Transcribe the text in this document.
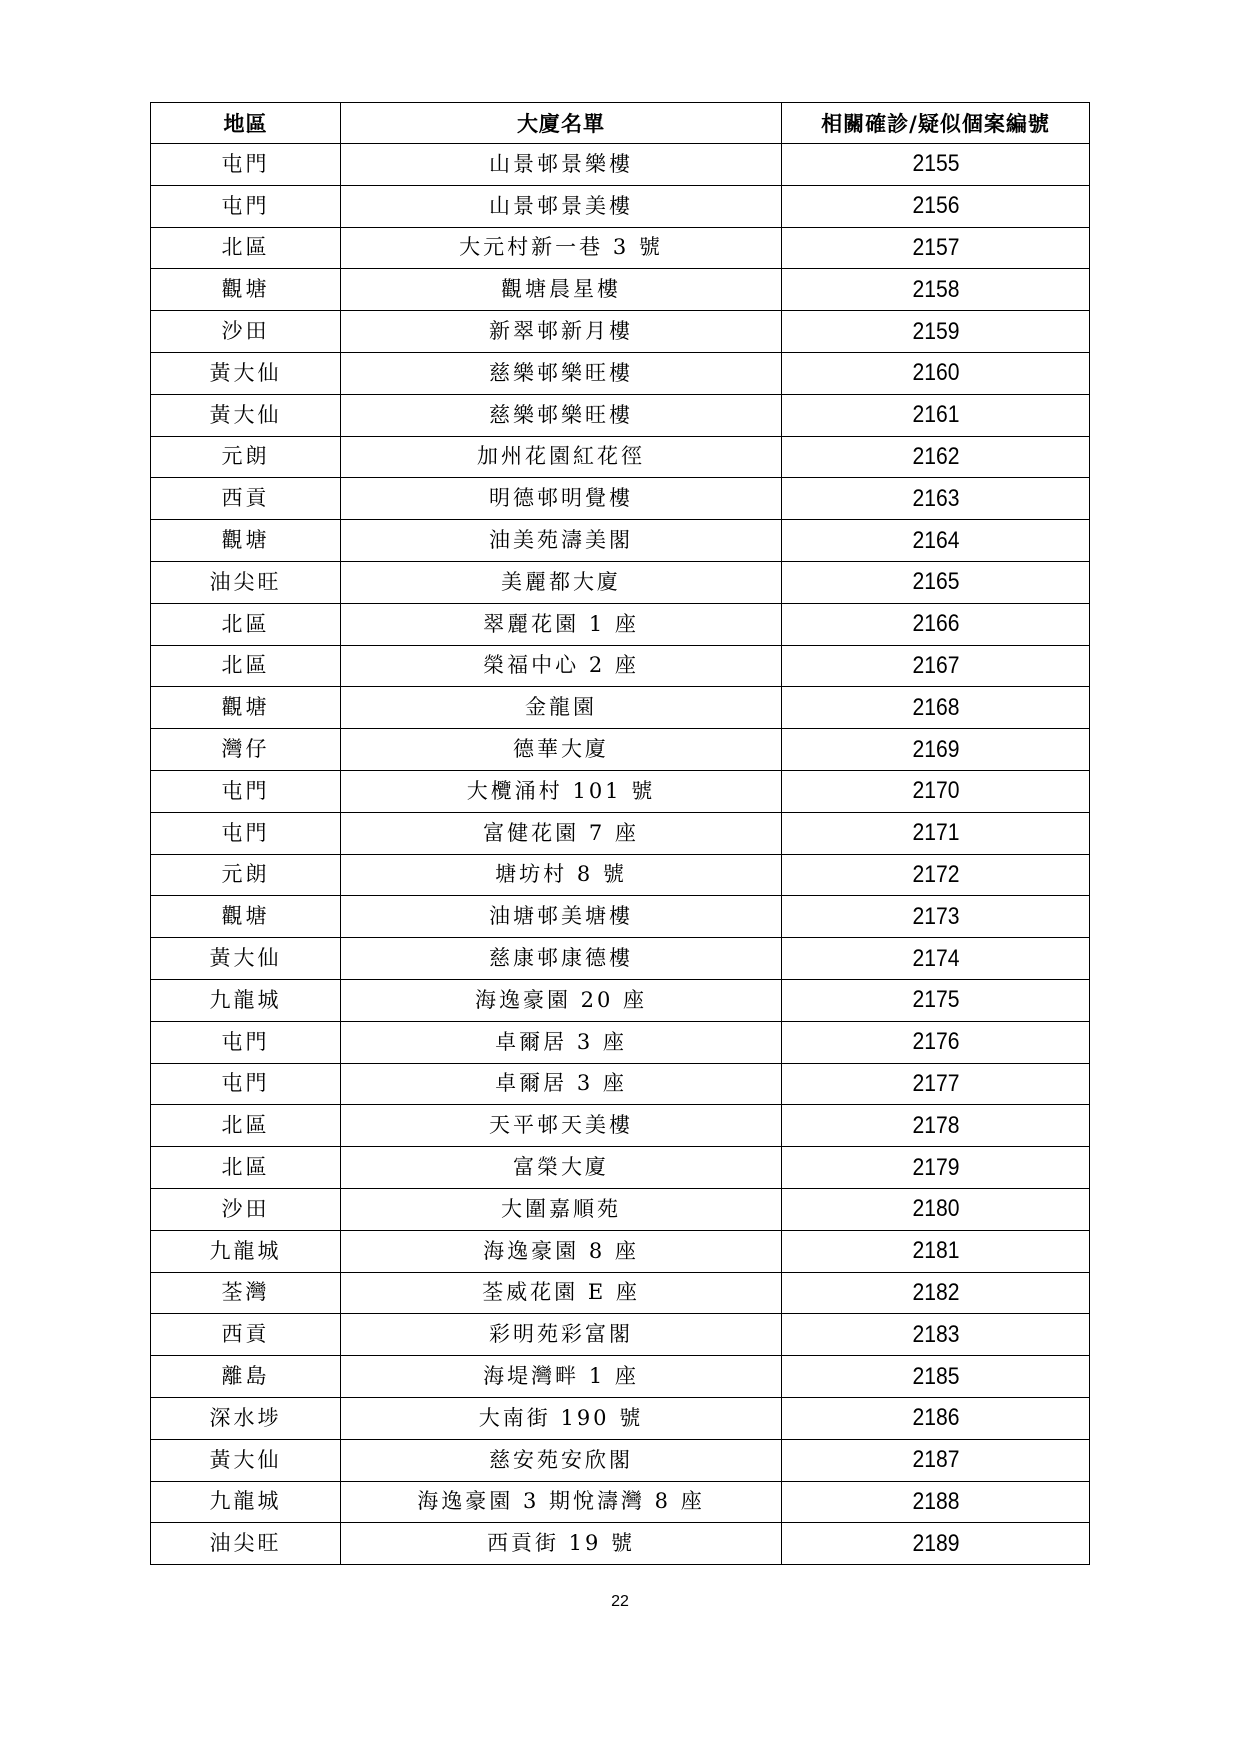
地區	大廈名單	相關確診/疑似個案編號
屯門	山景邨景樂樓	2155
屯門	山景邨景美樓	2156
北區	大元村新一巷 3 號	2157
觀塘	觀塘晨星樓	2158
沙田	新翠邨新月樓	2159
黃大仙	慈樂邨樂旺樓	2160
黃大仙	慈樂邨樂旺樓	2161
元朗	加州花園紅花徑	2162
西貢	明德邨明覺樓	2163
觀塘	油美苑濤美閣	2164
油尖旺	美麗都大廈	2165
北區	翠麗花園 1 座	2166
北區	榮福中心 2 座	2167
觀塘	金龍園	2168
灣仔	德華大廈	2169
屯門	大欖涌村 101 號	2170
屯門	富健花園 7 座	2171
元朗	塘坊村 8 號	2172
觀塘	油塘邨美塘樓	2173
黃大仙	慈康邨康德樓	2174
九龍城	海逸豪園 20 座	2175
屯門	卓爾居 3 座	2176
屯門	卓爾居 3 座	2177
北區	天平邨天美樓	2178
北區	富榮大廈	2179
沙田	大圍嘉順苑	2180
九龍城	海逸豪園 8 座	2181
荃灣	荃威花園 E 座	2182
西貢	彩明苑彩富閣	2183
離島	海堤灣畔 1 座	2185
深水埗	大南街 190 號	2186
黃大仙	慈安苑安欣閣	2187
九龍城	海逸豪園 3 期悅濤灣 8 座	2188
油尖旺	西貢街 19 號	2189
22
